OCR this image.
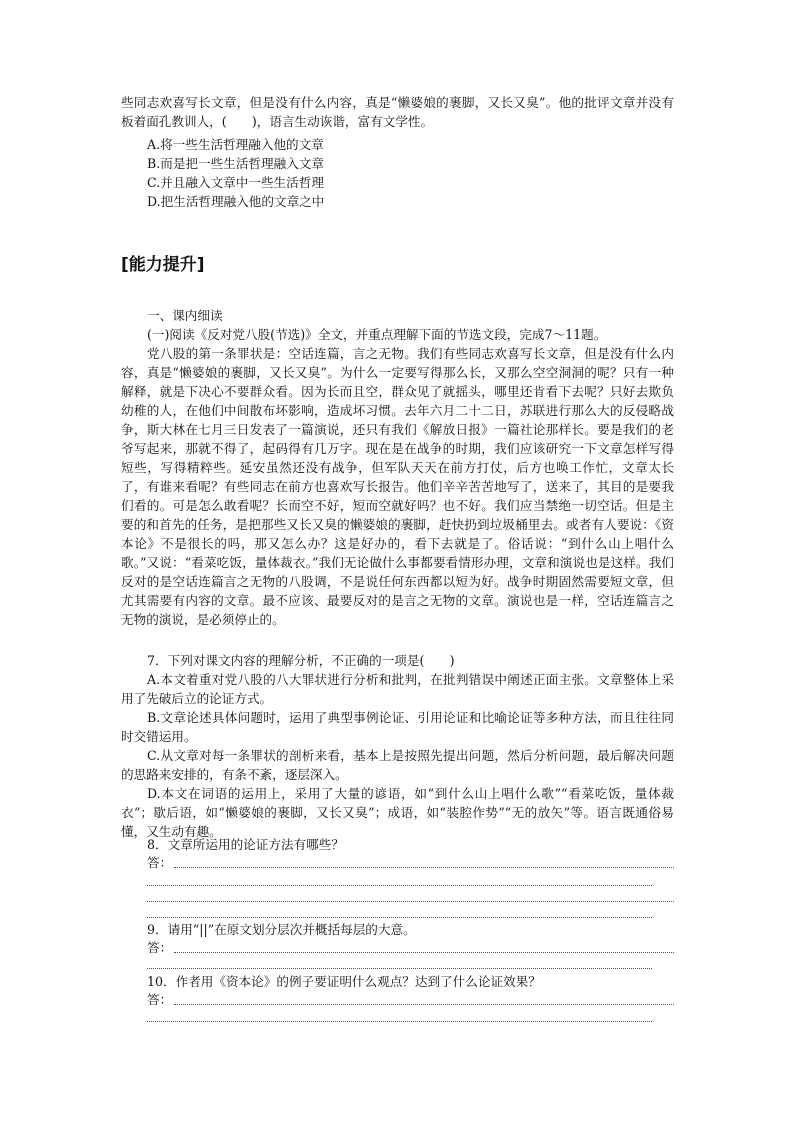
些同志欢喜写长文章，但是没有什么内容，真是“懒婆娘的裹脚，又长又臭”。他的批评文章并没有板着面孔教训人，(　　)，语言生动诙谐，富有文学性。

A.将一些生活哲理融入他的文章

B.而是把一些生活哲理融入文章

C.并且融入文章中一些生活哲理

D.把生活哲理融入他的文章之中

[能力提升]

一、课内细读

(一)阅读《反对党八股(节选)》全文，并重点理解下面的节选文段，完成7～11题。

党八股的第一条罪状是：空话连篇，言之无物。我们有些同志欢喜写长文章，但是没有什么内容，真是“懒婆娘的裹脚，又长又臭”。为什么一定要写得那么长，又那么空空洞洞的呢？只有一种解释，就是下决心不要群众看。因为长而且空，群众见了就摇头，哪里还肯看下去呢？只好去欺负幼稚的人，在他们中间散布坏影响，造成坏习惯。去年六月二十二日，苏联进行那么大的反侵略战争，斯大林在七月三日发表了一篇演说，还只有我们《解放日报》一篇社论那样长。要是我们的老爷写起来，那就不得了，起码得有几万字。现在是在战争的时期，我们应该研究一下文章怎样写得短些，写得精粹些。延安虽然还没有战争，但军队天天在前方打仗，后方也唤工作忙，文章太长了，有谁来看呢？有些同志在前方也喜欢写长报告。他们辛辛苦苦地写了，送来了，其目的是要我们看的。可是怎么敢看呢？长而空不好，短而空就好吗？也不好。我们应当禁绝一切空话。但是主要的和首先的任务，是把那些又长又臭的懒婆娘的裹脚，赶快扔到垃圾桶里去。或者有人要说：《资本论》不是很长的吗，那又怎么办？这是好办的，看下去就是了。俗话说：“到什么山上唱什么歌。”又说：“看菜吃饭，量体裁衣。”我们无论做什么事都要看情形办理，文章和演说也是这样。我们反对的是空话连篇言之无物的八股调，不是说任何东西都以短为好。战争时期固然需要短文章，但尤其需要有内容的文章。最不应该、最要反对的是言之无物的文章。演说也是一样，空话连篇言之无物的演说，是必须停止的。

7．下列对课文内容的理解分析，不正确的一项是(　　)

A.本文着重对党八股的八大罪状进行分析和批判，在批判错误中阐述正面主张。文章整体上采用了先破后立的论证方式。

B.文章论述具体问题时，运用了典型事例论证、引用论证和比喻论证等多种方法，而且往往同时交错运用。

C.从文章对每一条罪状的剖析来看，基本上是按照先提出问题，然后分析问题，最后解决问题的思路来安排的，有条不紊，逐层深入。

D.本文在词语的运用上，采用了大量的谚语，如“到什么山上唱什么歌”“看菜吃饭，量体裁衣”；歇后语，如“懒婆娘的裹脚，又长又臭”；成语，如“装腔作势”“无的放矢”等。语言既通俗易懂，又生动有趣。

8．文章所运用的论证方法有哪些？

答：

9．请用“||”在原文划分层次并概括每层的大意。

答：

10．作者用《资本论》的例子要证明什么观点？达到了什么论证效果？

答：
